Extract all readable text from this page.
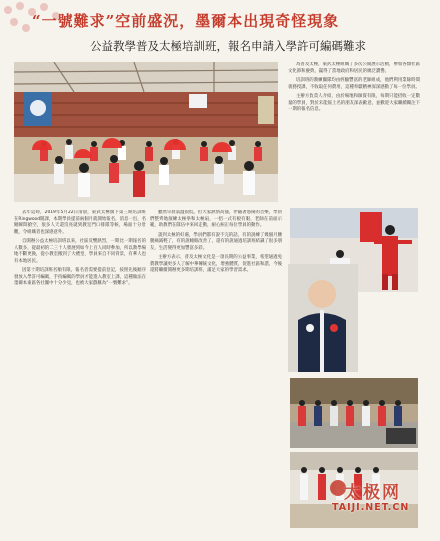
“一號難求”空前盛況，墨爾本出現奇怪現象
公益教學普及太極培訓班，報名申請入學許可編碼難求

去年這時，2019年5月22日清晨，東武太極旗下第三期培訓班在Ringwood開課，本期學員提前兩個月就開始報名，消息一出，名額瞬間搶空，很多人天還沒亮就到教室門口排隊等候，場面十分壯觀，令組織者也深感意外。

自開辦公益太極培訓班以來，社區反響熱烈，一期比一期報名的人數多，從最初的二三十人發展到如今上百人同時參加，所以教學場地不斷更換，從小教室搬到了大禮堂，學員來自不同背景，有華人也有本地居民。

因第十期培訓班名額有限，報名者需要提前登記，按照先後順序發放入學許可編碼，手持編碼的學員才能進入教室上課，這種做法在墨爾本東區各社團中十分少見，也被大家戲稱為“一號難求”。

雖然早晨氣溫很低，但大家熱情高漲，伴隨著悠揚的音樂，學員們整齊地演練太極拳和太極扇，一招一式有板有眼，老師在前面示範，助教們在隊伍中來回走動，耐心糾正每位學員的動作。

談到太極的好處，學員們都有說不完的話，有的說練了幾個月腰腿痛減輕了，有的說睡眠改善了，還有的說通過培訓班結識了很多朋友，生活變得更加豐富多彩。

主辦方表示，普及太極文化是一項長期的公益事業，希望通過免費教學讓更多人了解中華傳統文化，增強體質，促進社區和諧，今後還將繼續開辦更多期培訓班，滿足大家的學習需求。

為普及太極，東武太極組織了多次公開展示活動，參加各類社區文化節和慶典，贏得了當地政府和居民的廣泛讚譽。

培訓班的教練團隊均由經驗豐富的老師組成，他們利用業餘時間義務授課，不收取任何費用，這種奉獻精神深深感動了每一位學員。

主辦方負責人介紹，由於場地和師資有限，每期只能招收一定數量的學員，對於未能報上名的朋友深表歉意，並歡迎大家繼續關注下一期的報名信息。

太极网
TAIJI.NET.CN
